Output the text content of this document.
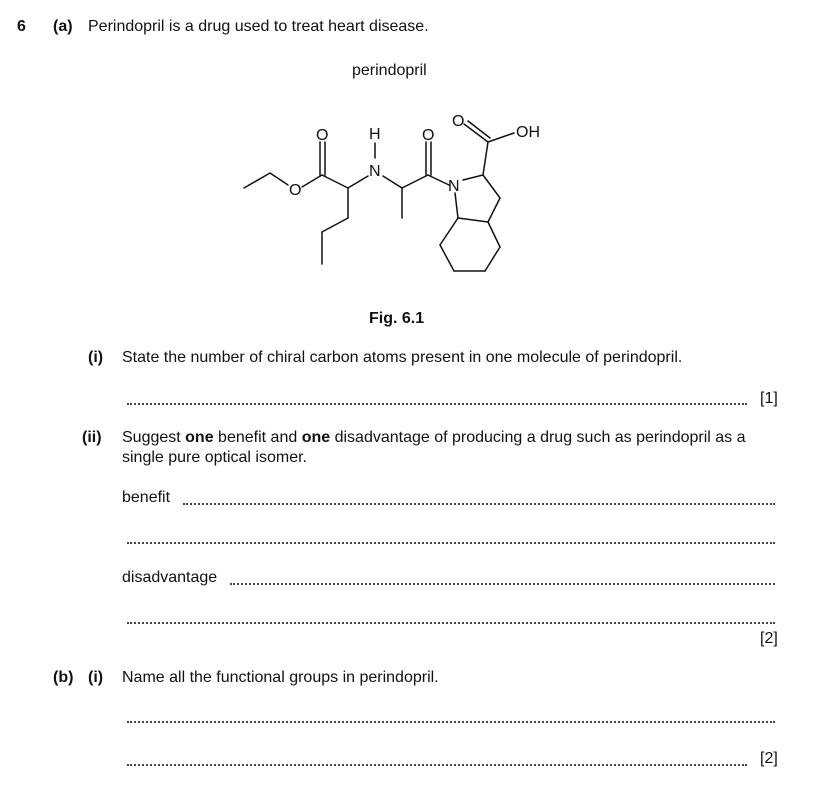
6 (a) Perindopril is a drug used to treat heart disease.
perindopril
O
O
H
N
O
N
O
OH
Fig. 6.1
(i) State the number of chiral carbon atoms present in one molecule of perindopril.
[1]
(ii) Suggest one benefit and one disadvantage of producing a drug such as perindopril as a
single pure optical isomer.
benefit
disadvantage
[2]
(b) (i) Name all the functional groups in perindopril.
[2]
